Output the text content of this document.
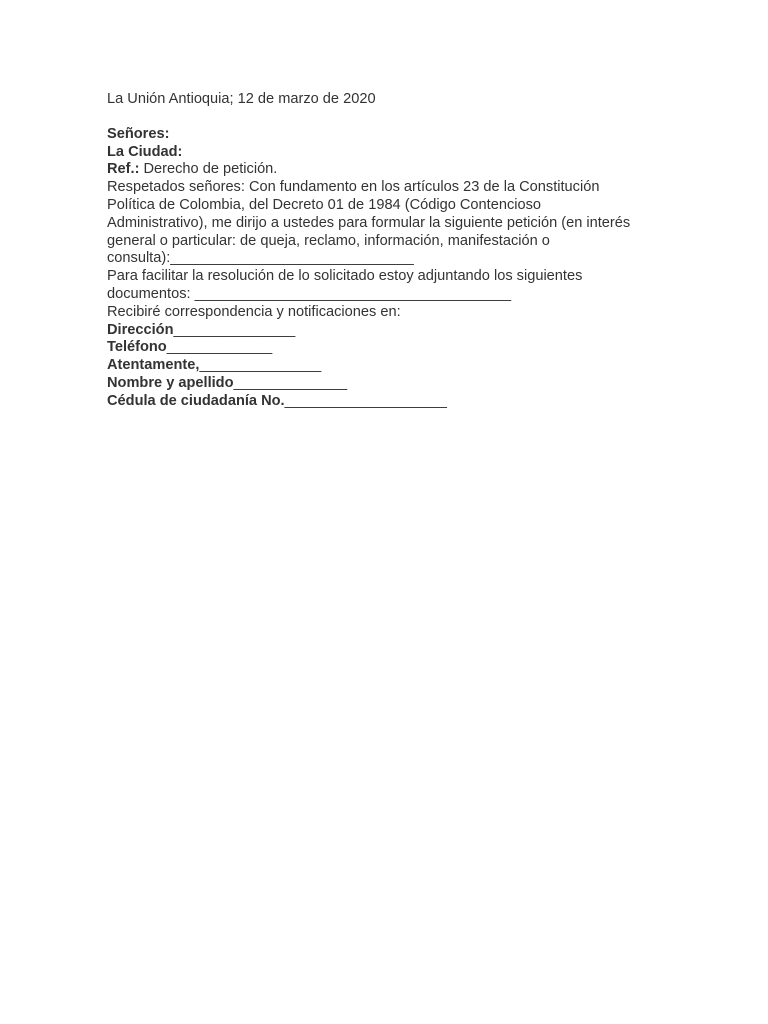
La Unión Antioquia; 12 de marzo de 2020
Señores:
La Ciudad:
Ref.: Derecho de petición.
Respetados señores: Con fundamento en los artículos 23 de la Constitución
Política de Colombia, del Decreto 01 de 1984 (Código Contencioso
Administrativo), me dirijo a ustedes para formular la siguiente petición (en interés
general o particular: de queja, reclamo, información, manifestación o
consulta):______________________________
Para facilitar la resolución de lo solicitado estoy adjuntando los siguientes
documentos: _______________________________________
Recibiré correspondencia y notificaciones en:
Dirección_______________
Teléfono_____________
Atentamente,_______________
Nombre y apellido______________
Cédula de ciudadanía No.____________________
